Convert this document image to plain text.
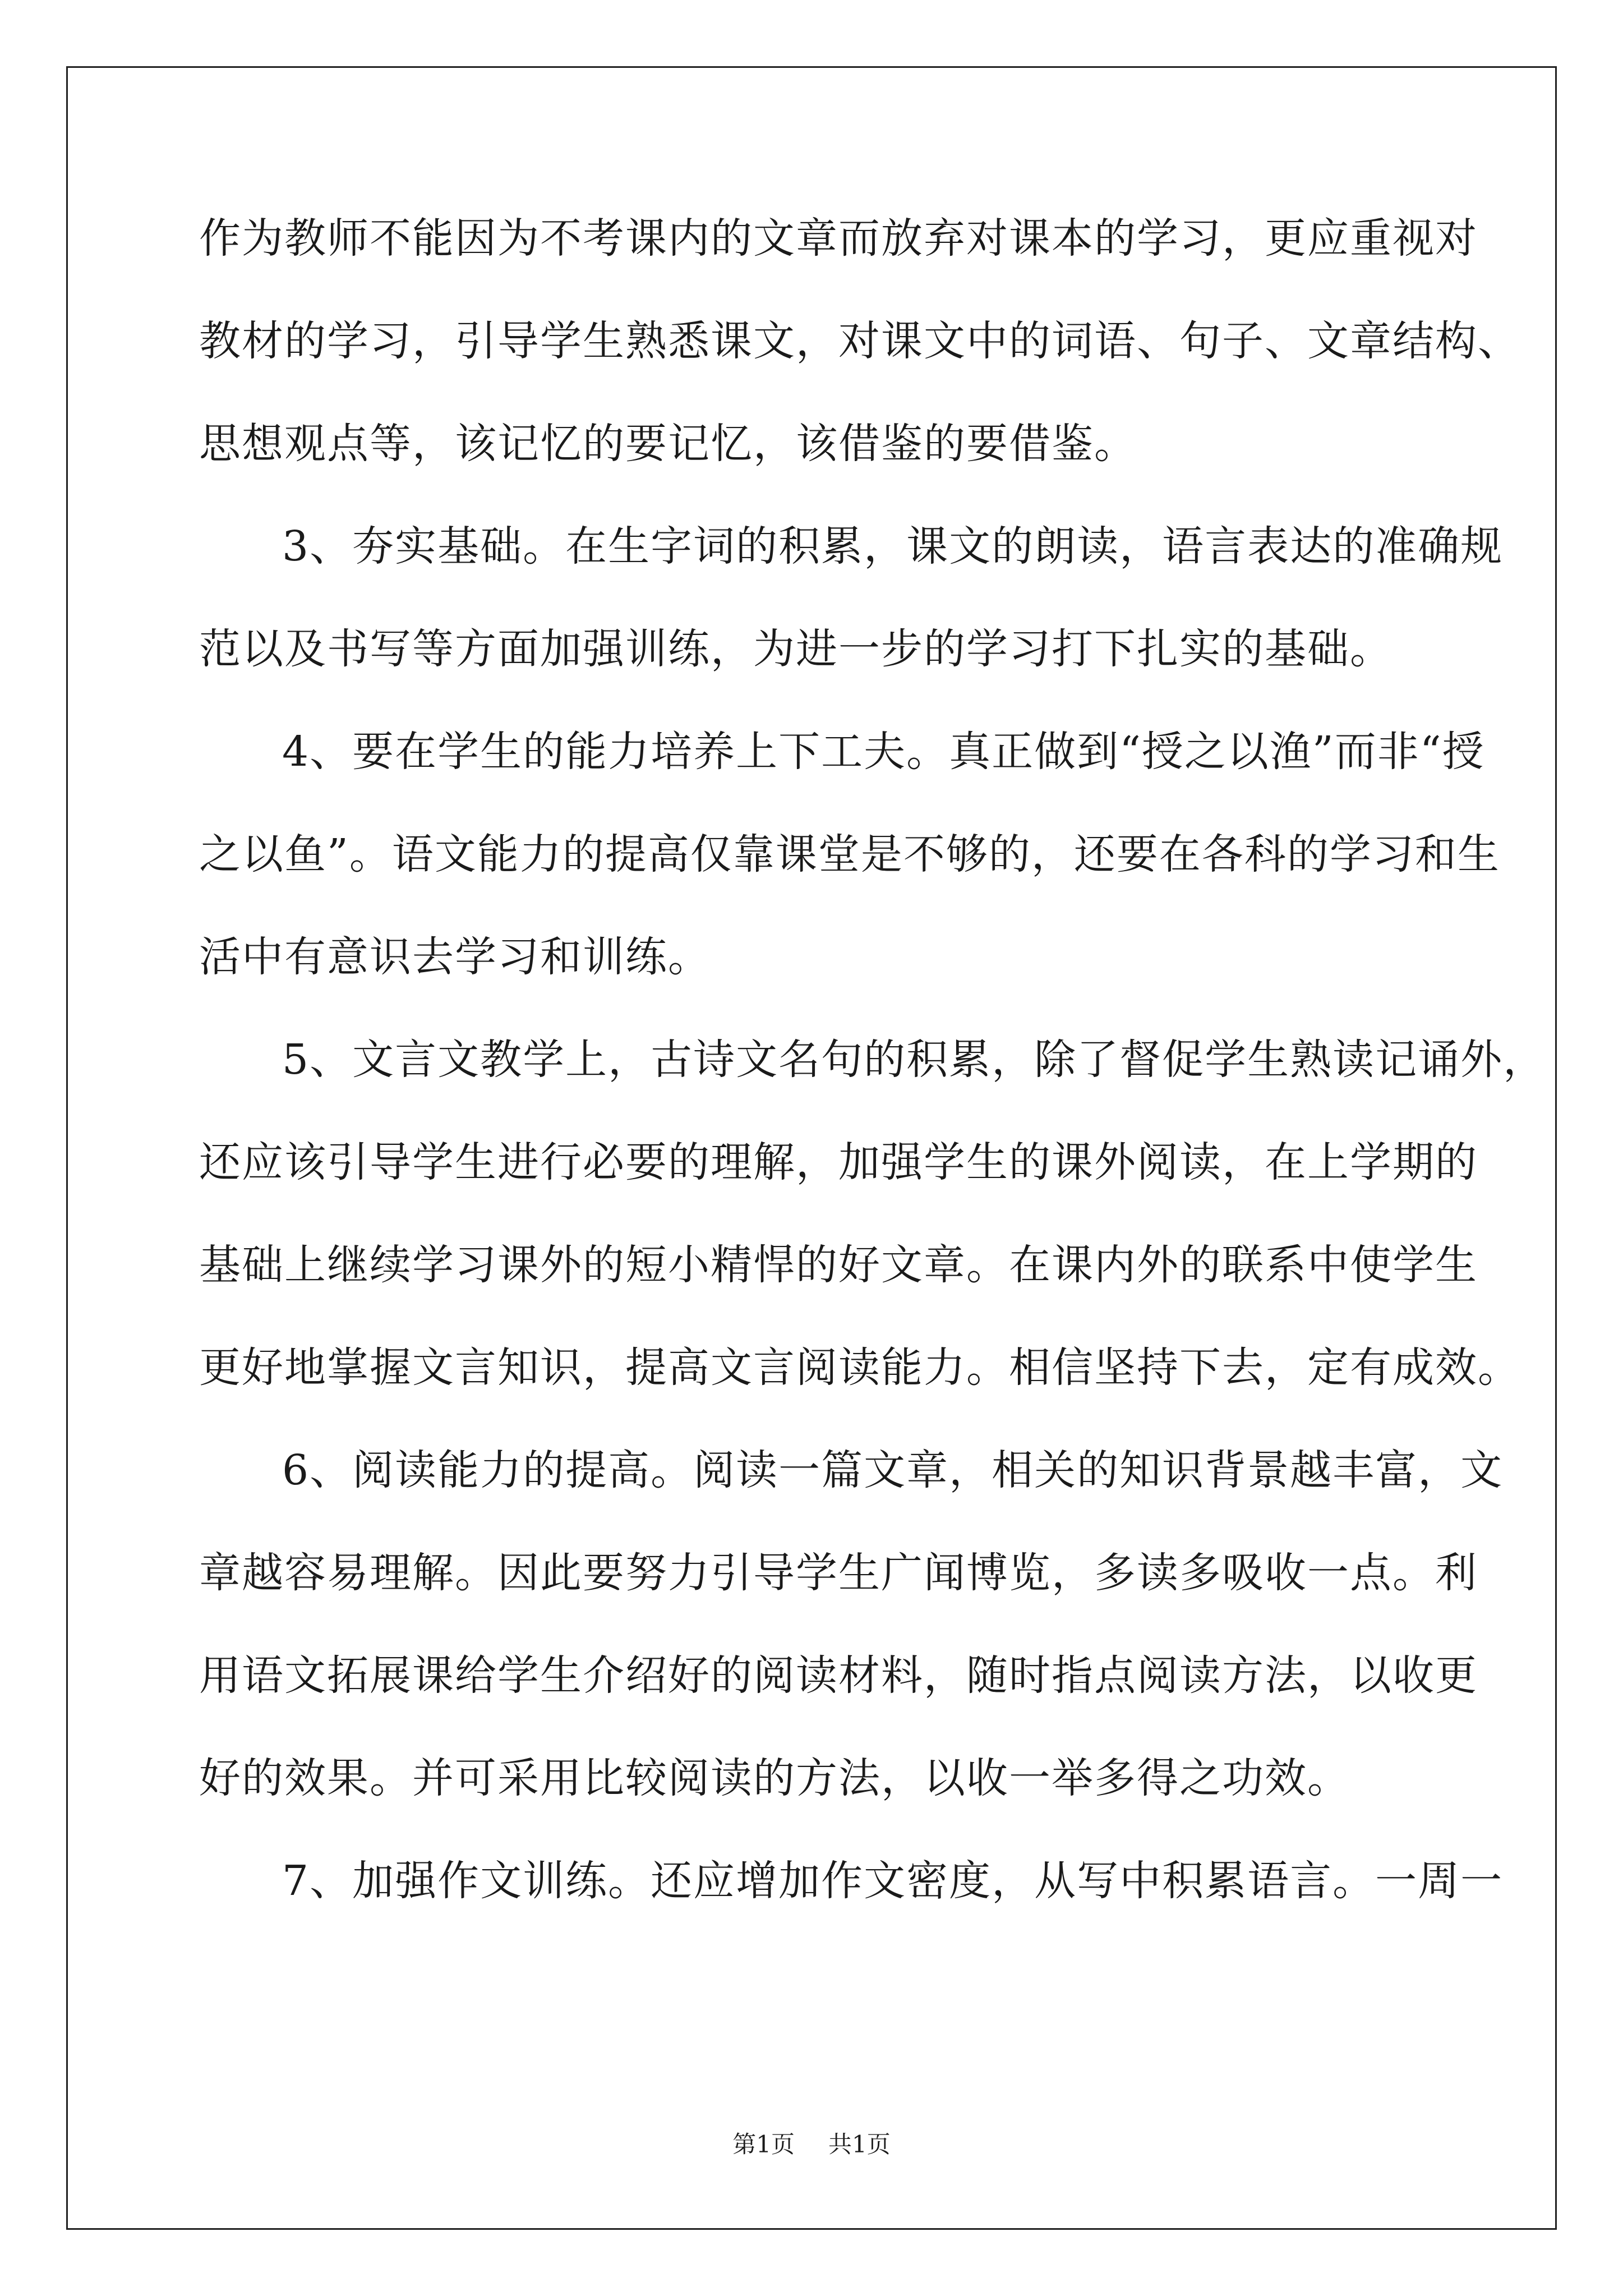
作为教师不能因为不考课内的文章而放弃对课本的学习，更应重视对
教材的学习，引导学生熟悉课文，对课文中的词语、句子、文章结构、
思想观点等，该记忆的要记忆，该借鉴的要借鉴。
3、夯实基础。在生字词的积累，课文的朗读，语言表达的准确规
范以及书写等方面加强训练，为进一步的学习打下扎实的基础。
4、要在学生的能力培养上下工夫。真正做到“授之以渔”而非“授
之以鱼”。语文能力的提高仅靠课堂是不够的，还要在各科的学习和生
活中有意识去学习和训练。
5、文言文教学上，古诗文名句的积累，除了督促学生熟读记诵外，
还应该引导学生进行必要的理解，加强学生的课外阅读，在上学期的
基础上继续学习课外的短小精悍的好文章。在课内外的联系中使学生
更好地掌握文言知识，提高文言阅读能力。相信坚持下去，定有成效。
6、阅读能力的提高。阅读一篇文章，相关的知识背景越丰富，文
章越容易理解。因此要努力引导学生广闻博览，多读多吸收一点。利
用语文拓展课给学生介绍好的阅读材料，随时指点阅读方法，以收更
好的效果。并可采用比较阅读的方法，以收一举多得之功效。
7、加强作文训练。还应增加作文密度，从写中积累语言。一周一
第1页 共1页
